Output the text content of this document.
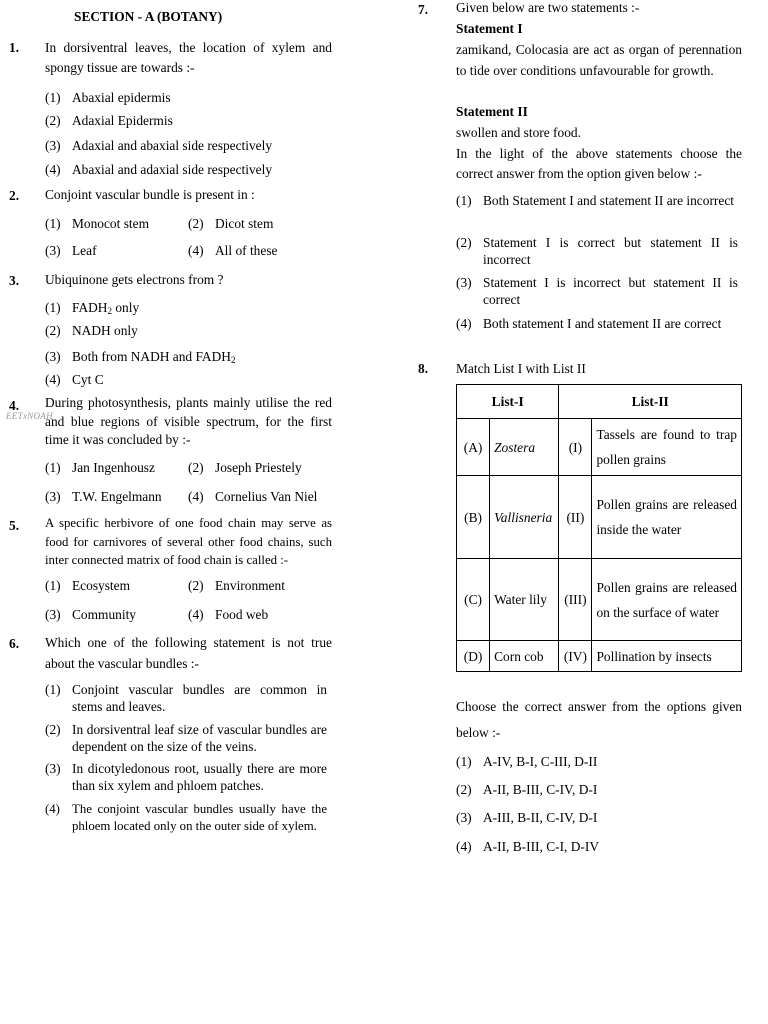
SECTION - A (BOTANY)
EETxNOAH
1. In dorsiventral leaves, the location of xylem and spongy tissue are towards :-
(1) Abaxial epidermis
(2) Adaxial Epidermis
(3) Adaxial and abaxial side respectively
(4) Abaxial and adaxial side respectively
2. Conjoint vascular bundle is present in :
(1) Monocot stem	(2) Dicot stem
(3) Leaf	(4) All of these
3. Ubiquinone gets electrons from ?
(1) $FADH_2$ only
(2) NADH only
(3) Both from NADH and $FADH_2$
(4) Cyt C
4. During photosynthesis, plants mainly utilise the red and blue regions of visible spectrum, for the first time it was concluded by :-
(1) Jan Ingenhousz (2) Joseph Priestely
(3) T.W. Engelmann (4) Cornelius Van Niel
5. A specific herbivore of one food chain may serve as food for carnivores of several other food chains, such inter connected matrix of food chain is called :-
(1) Ecosystem	(2) Environment
(3) Community	(4) Food web
6. Which one of the following statement is not true about the vascular bundles :-
(1) Conjoint vascular bundles are common in stems and leaves.
(2) In dorsiventral leaf size of vascular bundles are dependent on the size of the veins.
(3) In dicotyledonous root, usually there are more than six xylem and phloem patches.
(4) The conjoint vascular bundles usually have the phloem located only on the outer side of xylem.
7. Given below are two statements :-
Statement I
zamikand, Colocasia are act as organ of perennation to tide over conditions unfavourable for growth.
Statement II
swollen and store food.
In the light of the above statements choose the correct answer from the option given below :-
(1) Both Statement I and statement II are incorrect
(2) Statement I is correct but statement II is incorrect
(3) Statement I is incorrect but statement II is correct
(4) Both statement I and statement II are correct
8. Match List I with List II
List-I		List-II	
(A)	Zostera	(I)	Tassels are found to trap pollen grains
(B)	Vallisneria	(II)	Pollen grains are released inside the water
(C)	Water lily	(III)	Pollen grains are released on the surface of water
(D)	Corn cob	(IV)	Pollination by insects
Choose the correct answer from the options given below :-
(1) A-IV, B-I, C-III, D-II
(2) A-II, B-III, C-IV, D-I
(3) A-III, B-II, C-IV, D-I
(4) A-II, B-III, C-I, D-IV
